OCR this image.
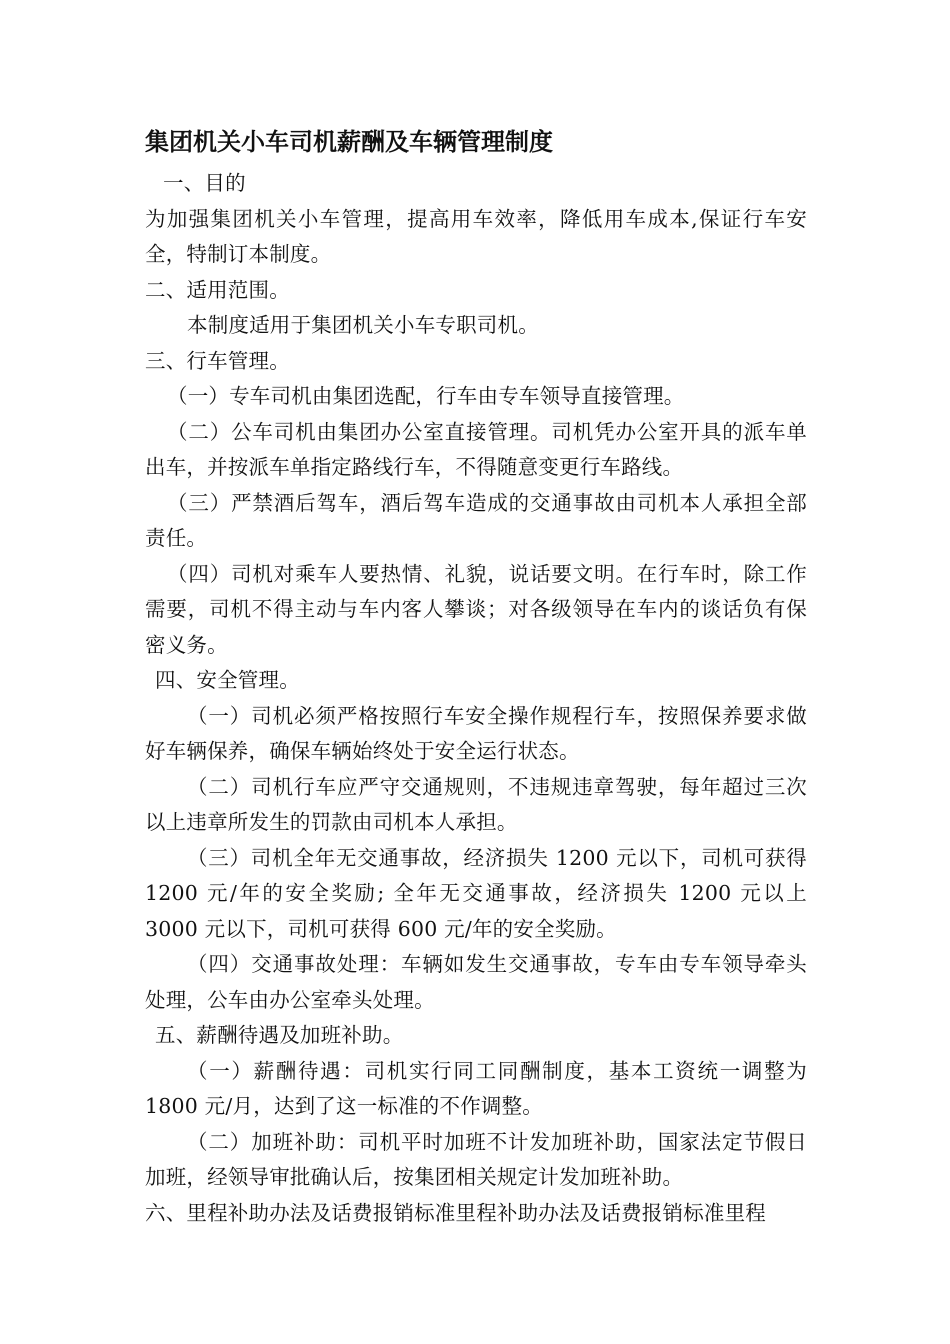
集团机关小车司机薪酬及车辆管理制度

一、目的

为加强集团机关小车管理，提高用车效率，降低用车成本,保证行车安全，特制订本制度。

二、适用范围。

本制度适用于集团机关小车专职司机。

三、行车管理。

（一）专车司机由集团选配，行车由专车领导直接管理。

（二）公车司机由集团办公室直接管理。司机凭办公室开具的派车单出车，并按派车单指定路线行车，不得随意变更行车路线。

（三）严禁酒后驾车，酒后驾车造成的交通事故由司机本人承担全部责任。

（四）司机对乘车人要热情、礼貌，说话要文明。在行车时，除工作需要，司机不得主动与车内客人攀谈；对各级领导在车内的谈话负有保密义务。

四、安全管理。

（一）司机必须严格按照行车安全操作规程行车，按照保养要求做好车辆保养，确保车辆始终处于安全运行状态。

（二）司机行车应严守交通规则，不违规违章驾驶，每年超过三次以上违章所发生的罚款由司机本人承担。

（三）司机全年无交通事故，经济损失 1200 元以下，司机可获得 1200 元/年的安全奖励; 全年无交通事故，经济损失 1200 元以上 3000 元以下，司机可获得 600 元/年的安全奖励。

（四）交通事故处理：车辆如发生交通事故，专车由专车领导牵头处理，公车由办公室牵头处理。

五、薪酬待遇及加班补助。

（一）薪酬待遇：司机实行同工同酬制度，基本工资统一调整为 1800 元/月，达到了这一标准的不作调整。

（二）加班补助：司机平时加班不计发加班补助，国家法定节假日加班，经领导审批确认后，按集团相关规定计发加班补助。

六、里程补助办法及话费报销标准里程补助办法及话费报销标准里程
